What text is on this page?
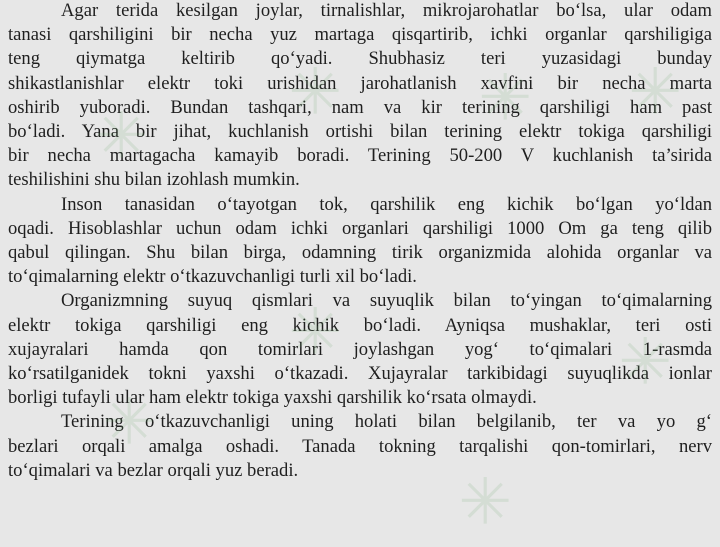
Agar terida kesilgan joylar, tirnalishlar, mikrojarohatlar bo‘lsa, ular odam
tanasi qarshiligini bir necha yuz martaga qisqartirib, ichki organlar qarshiligiga
teng qiymatga keltirib qo‘yadi. Shubhasiz teri yuzasidagi bunday
shikastlanishlar elektr toki urishidan jarohatlanish xavfini bir necha marta
oshirib yuboradi. Bundan tashqari, nam va kir terining qarshiligi ham past
bo‘ladi. Yana bir jihat, kuchlanish ortishi bilan terining elektr tokiga qarshiligi
bir necha martagacha kamayib boradi. Terining 50-200 V kuchlanish ta’sirida
teshilishini shu bilan izohlash mumkin.

Inson tanasidan o‘tayotgan tok, qarshilik eng kichik bo‘lgan yo‘ldan
oqadi. Hisoblashlar uchun odam ichki organlari qarshiligi 1000 Om ga teng qilib
qabul qilingan. Shu bilan birga, odamning tirik organizmida alohida organlar va
to‘qimalarning elektr o‘tkazuvchanligi turli xil bo‘ladi.

Organizmning suyuq qismlari va suyuqlik bilan to‘yingan to‘qimalarning
elektr tokiga qarshiligi eng kichik bo‘ladi. Ayniqsa mushaklar, teri osti
xujayralari hamda qon tomirlari joylashgan yog‘ to‘qimalari 1-rasmda
ko‘rsatilganidek tokni yaxshi o‘tkazadi. Xujayralar tarkibidagi suyuqlikda ionlar
borligi tufayli ular ham elektr tokiga yaxshi qarshilik ko‘rsata olmaydi.

Terining o‘tkazuvchanligi uning holati bilan belgilanib, ter va yo g‘
bezlari orqali amalga oshadi. Tanada tokning tarqalishi qon-tomirlari, nerv
to‘qimalari va bezlar orqali yuz beradi.

✳ ✳ ✳ ✳
✳
✳
✳
✳
